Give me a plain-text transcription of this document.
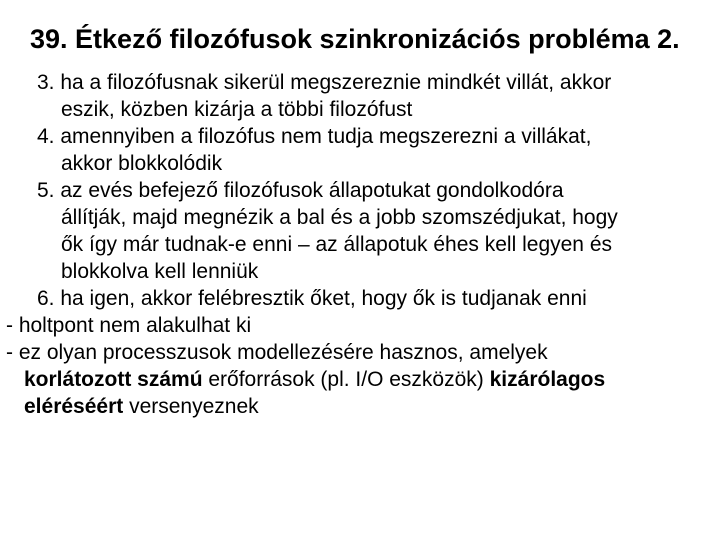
39. Étkező filozófusok szinkronizációs probléma 2.
3. ha a filozófusnak sikerül megszereznie mindkét villát, akkor
eszik, közben kizárja a többi filozófust
4. amennyiben a filozófus nem tudja megszerezni a villákat,
akkor blokkolódik
5. az evés befejező filozófusok állapotukat gondolkodóra
állítják, majd megnézik a bal és a jobb szomszédjukat, hogy
ők így már tudnak-e enni – az állapotuk éhes kell legyen és
blokkolva kell lenniük
6. ha igen, akkor felébresztik őket, hogy ők is tudjanak enni
- holtpont nem alakulhat ki
- ez olyan processzusok modellezésére hasznos, amelyek
korlátozott számú erőforrások (pl. I/O eszközök) kizárólagos
eléréséért versenyeznek
